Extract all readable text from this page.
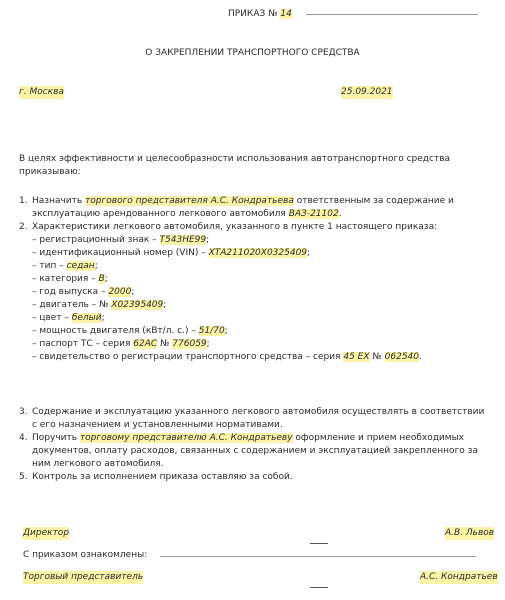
ПРИКАЗ № 14
О ЗАКРЕПЛЕНИИ ТРАНСПОРТНОГО СРЕДСТВА
г. Москва	25.09.2021
В целях эффективности и целесообразности использования автотранспортного средства приказываю:
1. Назначить торгового представителя А.С. Кондратьева ответственным за содержание и эксплуатацию арендованного легкового автомобиля ВАЗ-21102.
2. Характеристики легкового автомобиля, указанного в пункте 1 настоящего приказа:
– регистрационный знак – Т543НЕ99;
– идентификационный номер (VIN) – ХТА211020Х0325409;
– тип – седан;
– категория – В;
– год выпуска – 2000;
– двигатель – № Х02395409;
– цвет – белый;
– мощность двигателя (кВт/л. с.) – 51/70;
– паспорт ТС – серия 62АС № 776059;
– свидетельство о регистрации транспортного средства – серия 45 ЕХ № 062540.
3. Содержание и эксплуатацию указанного легкового автомобиля осуществлять в соответствии с его назначением и установленными нормативами.
4. Поручить торговому представителю А.С. Кондратьеву оформление и прием необходимых документов, оплату расходов, связанных с содержанием и эксплуатацией закрепленного за ним легкового автомобиля.
5. Контроль за исполнением приказа оставляю за собой.
Директор	А.В. Львов
С приказом ознакомлены:
Торговый представитель	А.С. Кондратьев
